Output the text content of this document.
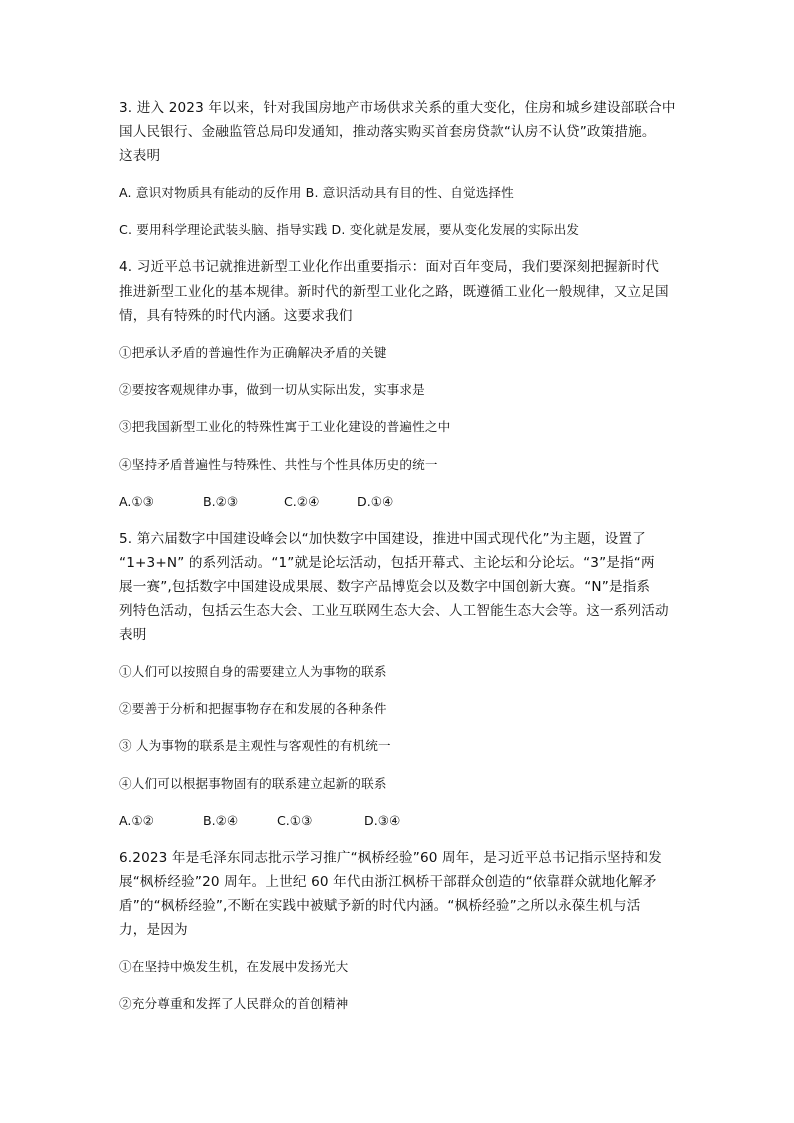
3. 进入 2023 年以来，针对我国房地产市场供求关系的重大变化，住房和城乡建设部联合中
国人民银行、金融监管总局印发通知，推动落实购买首套房贷款“认房不认贷”政策措施。
这表明
A. 意识对物质具有能动的反作用 B. 意识活动具有目的性、自觉选择性
C. 要用科学理论武装头脑、指导实践 D. 变化就是发展，要从变化发展的实际出发
4. 习近平总书记就推进新型工业化作出重要指示：面对百年变局，我们要深刻把握新时代
推进新型工业化的基本规律。新时代的新型工业化之路，既遵循工业化一般规律，又立足国
情，具有特殊的时代内涵。这要求我们
①把承认矛盾的普遍性作为正确解决矛盾的关键
②要按客观规律办事，做到一切从实际出发，实事求是
③把我国新型工业化的特殊性寓于工业化建设的普遍性之中
④坚持矛盾普遍性与特殊性、共性与个性具体历史的统一
A.①③	B.②③	C.②④	D.①④
5. 第六届数字中国建设峰会以“加快数字中国建设，推进中国式现代化”为主题，设置了
“1+3+N” 的系列活动。“1”就是论坛活动，包括开幕式、主论坛和分论坛。“3”是指“两
展一赛”,包括数字中国建设成果展、数字产品博览会以及数字中国创新大赛。“N”是指系
列特色活动，包括云生态大会、工业互联网生态大会、人工智能生态大会等。这一系列活动
表明
①人们可以按照自身的需要建立人为事物的联系
②要善于分析和把握事物存在和发展的各种条件
③ 人为事物的联系是主观性与客观性的有机统一
④人们可以根据事物固有的联系建立起新的联系
A.①②	B.②④	C.①③	D.③④
6.2023 年是毛泽东同志批示学习推广“枫桥经验”60 周年，是习近平总书记指示坚持和发
展“枫桥经验”20 周年。上世纪 60 年代由浙江枫桥干部群众创造的“依靠群众就地化解矛
盾”的“枫桥经验”,不断在实践中被赋予新的时代内涵。“枫桥经验”之所以永葆生机与活
力，是因为
①在坚持中焕发生机，在发展中发扬光大
②充分尊重和发挥了人民群众的首创精神
